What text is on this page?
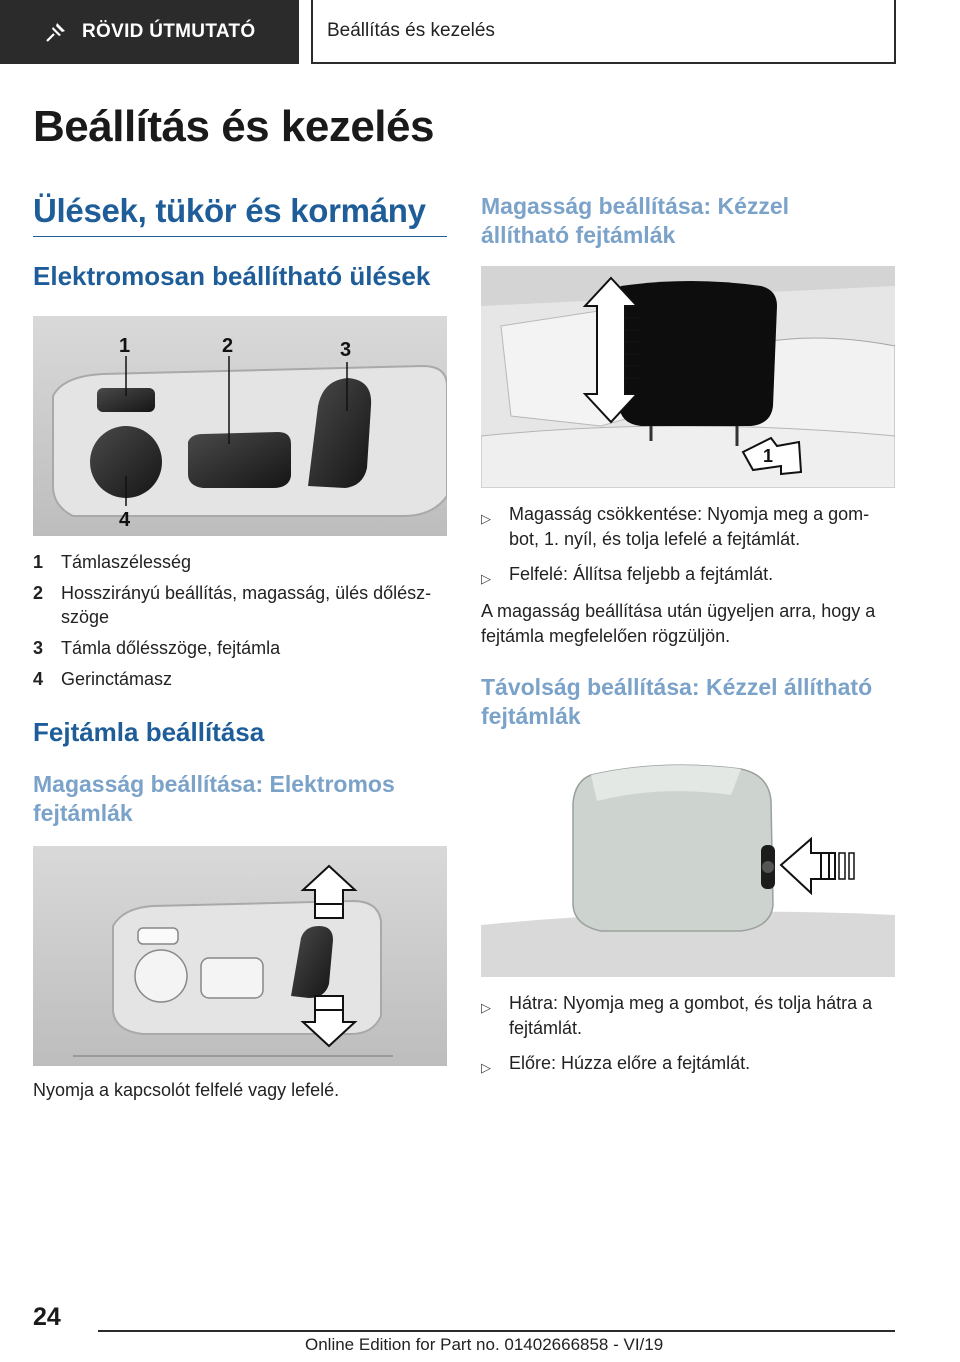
RÖVID ÚTMUTATÓ	Beállítás és kezelés
Beállítás és kezelés
Ülések, tükör és kormány
Elektromosan beállítható ülések
1	2	3
4
1 Támlaszélesség
2 Hosszirányú beállítás, magasság, ülés dőlész-szöge
3 Támla dőlésszöge, fejtámla
4 Gerinctámasz
Fejtámla beállítása
Magasság beállítása: Elektromos fejtámlák

Nyomja a kapcsolót felfelé vagy lefelé.

Magasság beállítása: Kézzel állítható fejtámlák
1
▷	Magasság csökkentése: Nyomja meg a gom-bot, 1. nyíl, és tolja lefelé a fejtámlát.
▷	Felfelé: Állítsa feljebb a fejtámlát.

A magasság beállítása után ügyeljen arra, hogy a fejtámla megfelelően rögzüljön.

Távolság beállítása: Kézzel állítható fejtámlák
▷	Hátra: Nyomja meg a gombot, és tolja hátra a fejtámlát.
▷	Előre: Húzza előre a fejtámlát.
24
Online Edition for Part no. 01402666858 - VI/19
